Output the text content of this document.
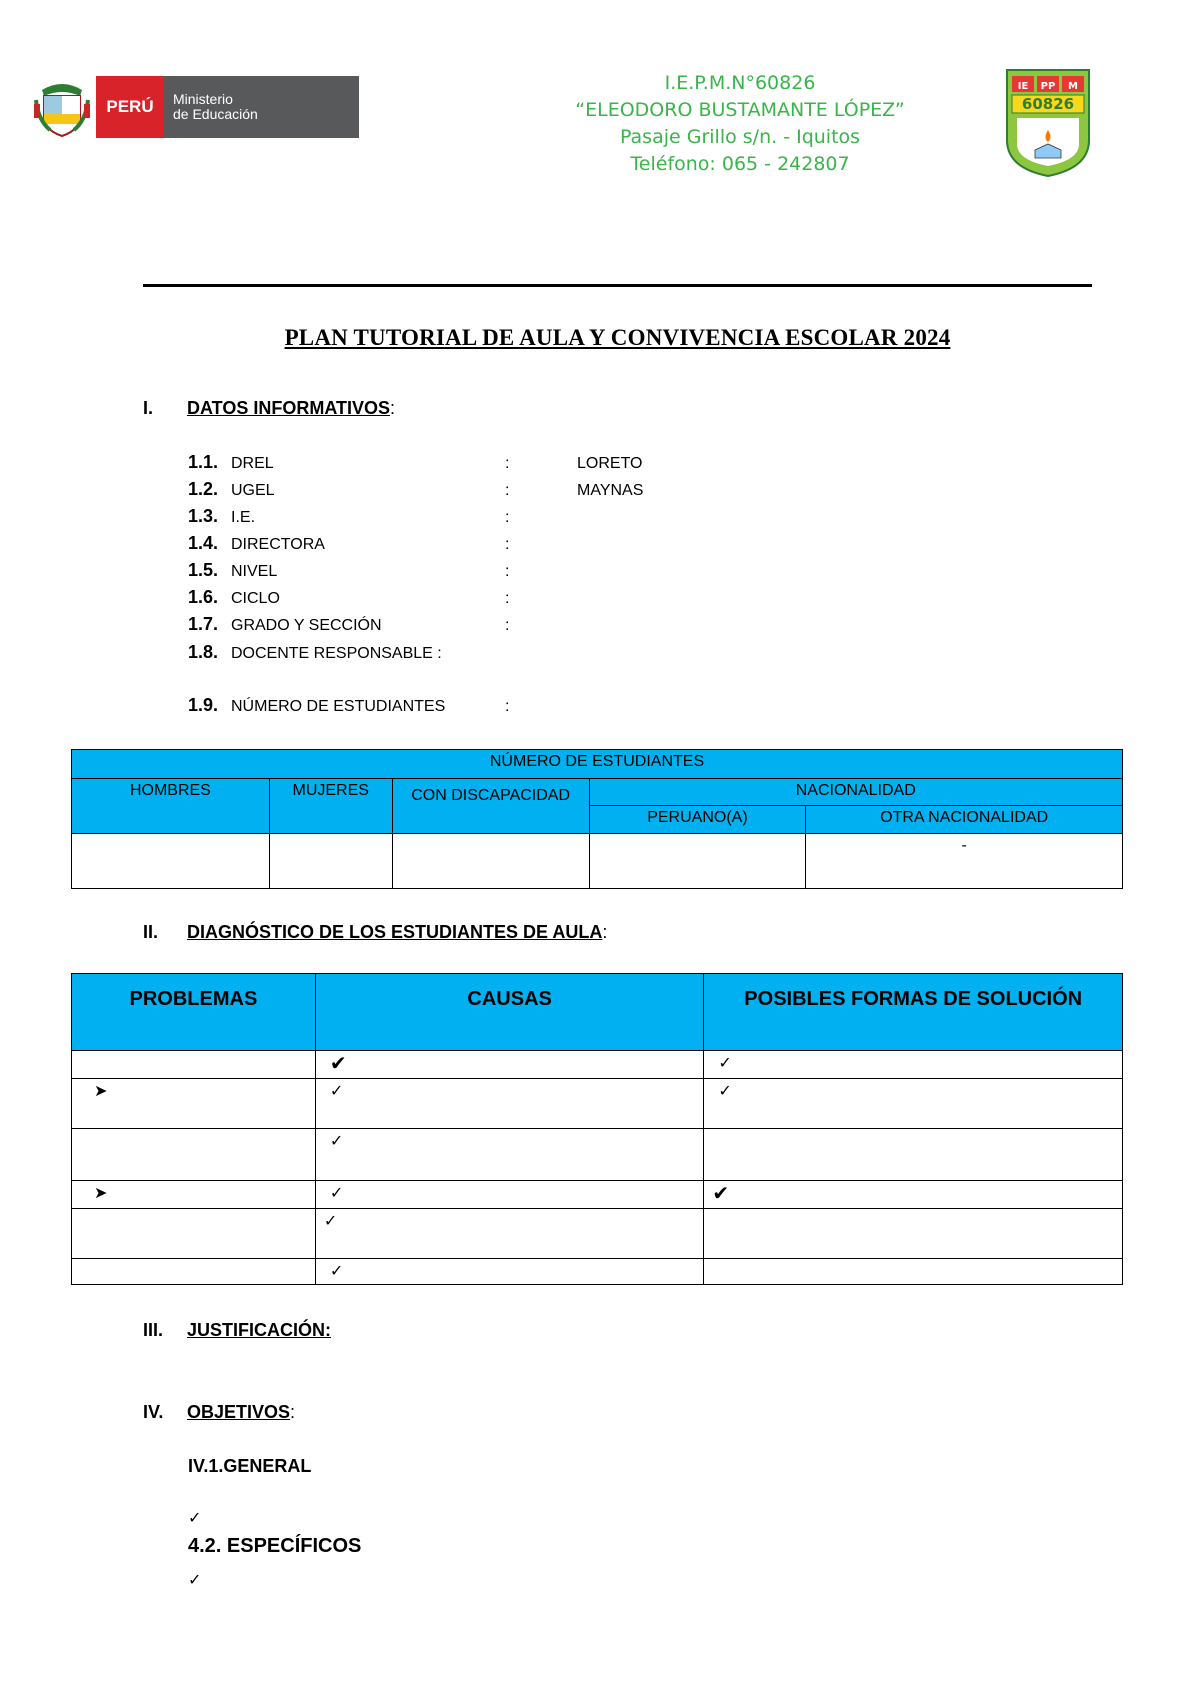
PERÚ	Ministerio
de Educación
I.E.P.M.N°60826
“ELEODORO BUSTAMANTE LÓPEZ”
Pasaje Grillo s/n. - Iquitos
Teléfono: 065 - 242807
IE PP M
60826
PLAN TUTORIAL DE AULA Y CONVIVENCIA ESCOLAR 2024
I. DATOS INFORMATIVOS:
1.1. DREL	:	LORETO
1.2. UGEL	:	MAYNAS
1.3. I.E.	:
1.4. DIRECTORA	:
1.5. NIVEL	:
1.6. CICLO	:
1.7. GRADO Y SECCIÓN	:
1.8. DOCENTE RESPONSABLE :
1.9. NÚMERO DE ESTUDIANTES	:
NÚMERO DE ESTUDIANTES				
HOMBRES	MUJERES	CON DISCAPACIDAD	NACIONALIDAD	
			PERUANO(A)	OTRA NACIONALIDAD
				-
II. DIAGNÓSTICO DE LOS ESTUDIANTES DE AULA:
PROBLEMAS	CAUSAS	POSIBLES FORMAS DE SOLUCIÓN
	✔	✓
➤	✓	✓
	✓	
➤	✓	✔
	✓	
	✓	
III. JUSTIFICACIÓN:
IV. OBJETIVOS:
IV.1.GENERAL
✓
4.2. ESPECÍFICOS
✓
